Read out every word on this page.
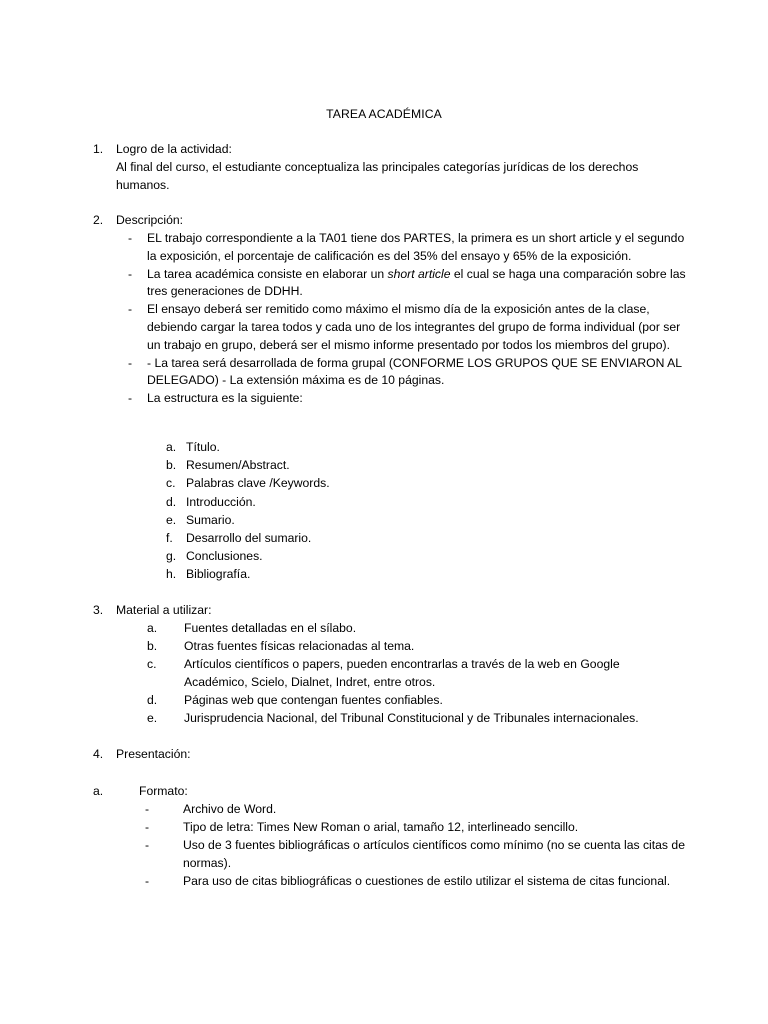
TAREA ACADÉMICA
1. Logro de la actividad:
Al final del curso, el estudiante conceptualiza las principales categorías jurídicas de los derechos humanos.
2. Descripción:
- EL trabajo correspondiente a la TA01 tiene dos PARTES, la primera es un short article y el segundo la exposición, el porcentaje de calificación es del 35% del ensayo y 65% de la exposición.
- La tarea académica consiste en elaborar un short article el cual se haga una comparación sobre las tres generaciones de DDHH.
- El ensayo deberá ser remitido como máximo el mismo día de la exposición antes de la clase, debiendo cargar la tarea todos y cada uno de los integrantes del grupo de forma individual (por ser un trabajo en grupo, deberá ser el mismo informe presentado por todos los miembros del grupo).
- - La tarea será desarrollada de forma grupal (CONFORME LOS GRUPOS QUE SE ENVIARON AL DELEGADO) - La extensión máxima es de 10 páginas.
- La estructura es la siguiente:
a. Título.
b. Resumen/Abstract.
c. Palabras clave /Keywords.
d. Introducción.
e. Sumario.
f. Desarrollo del sumario.
g. Conclusiones.
h. Bibliografía.
3. Material a utilizar:
a.	Fuentes detalladas en el sílabo.
b.	Otras fuentes físicas relacionadas al tema.
c.	Artículos científicos o papers, pueden encontrarlas a través de la web en Google Académico, Scielo, Dialnet, Indret, entre otros.
d.	Páginas web que contengan fuentes confiables.
e.	Jurisprudencia Nacional, del Tribunal Constitucional y de Tribunales internacionales.
4. Presentación:
a.	Formato:
-	Archivo de Word.
-	Tipo de letra: Times New Roman o arial, tamaño 12, interlineado sencillo.
-	Uso de 3 fuentes bibliográficas o artículos científicos como mínimo (no se cuenta las citas de normas).
-	Para uso de citas bibliográficas o cuestiones de estilo utilizar el sistema de citas funcional.
